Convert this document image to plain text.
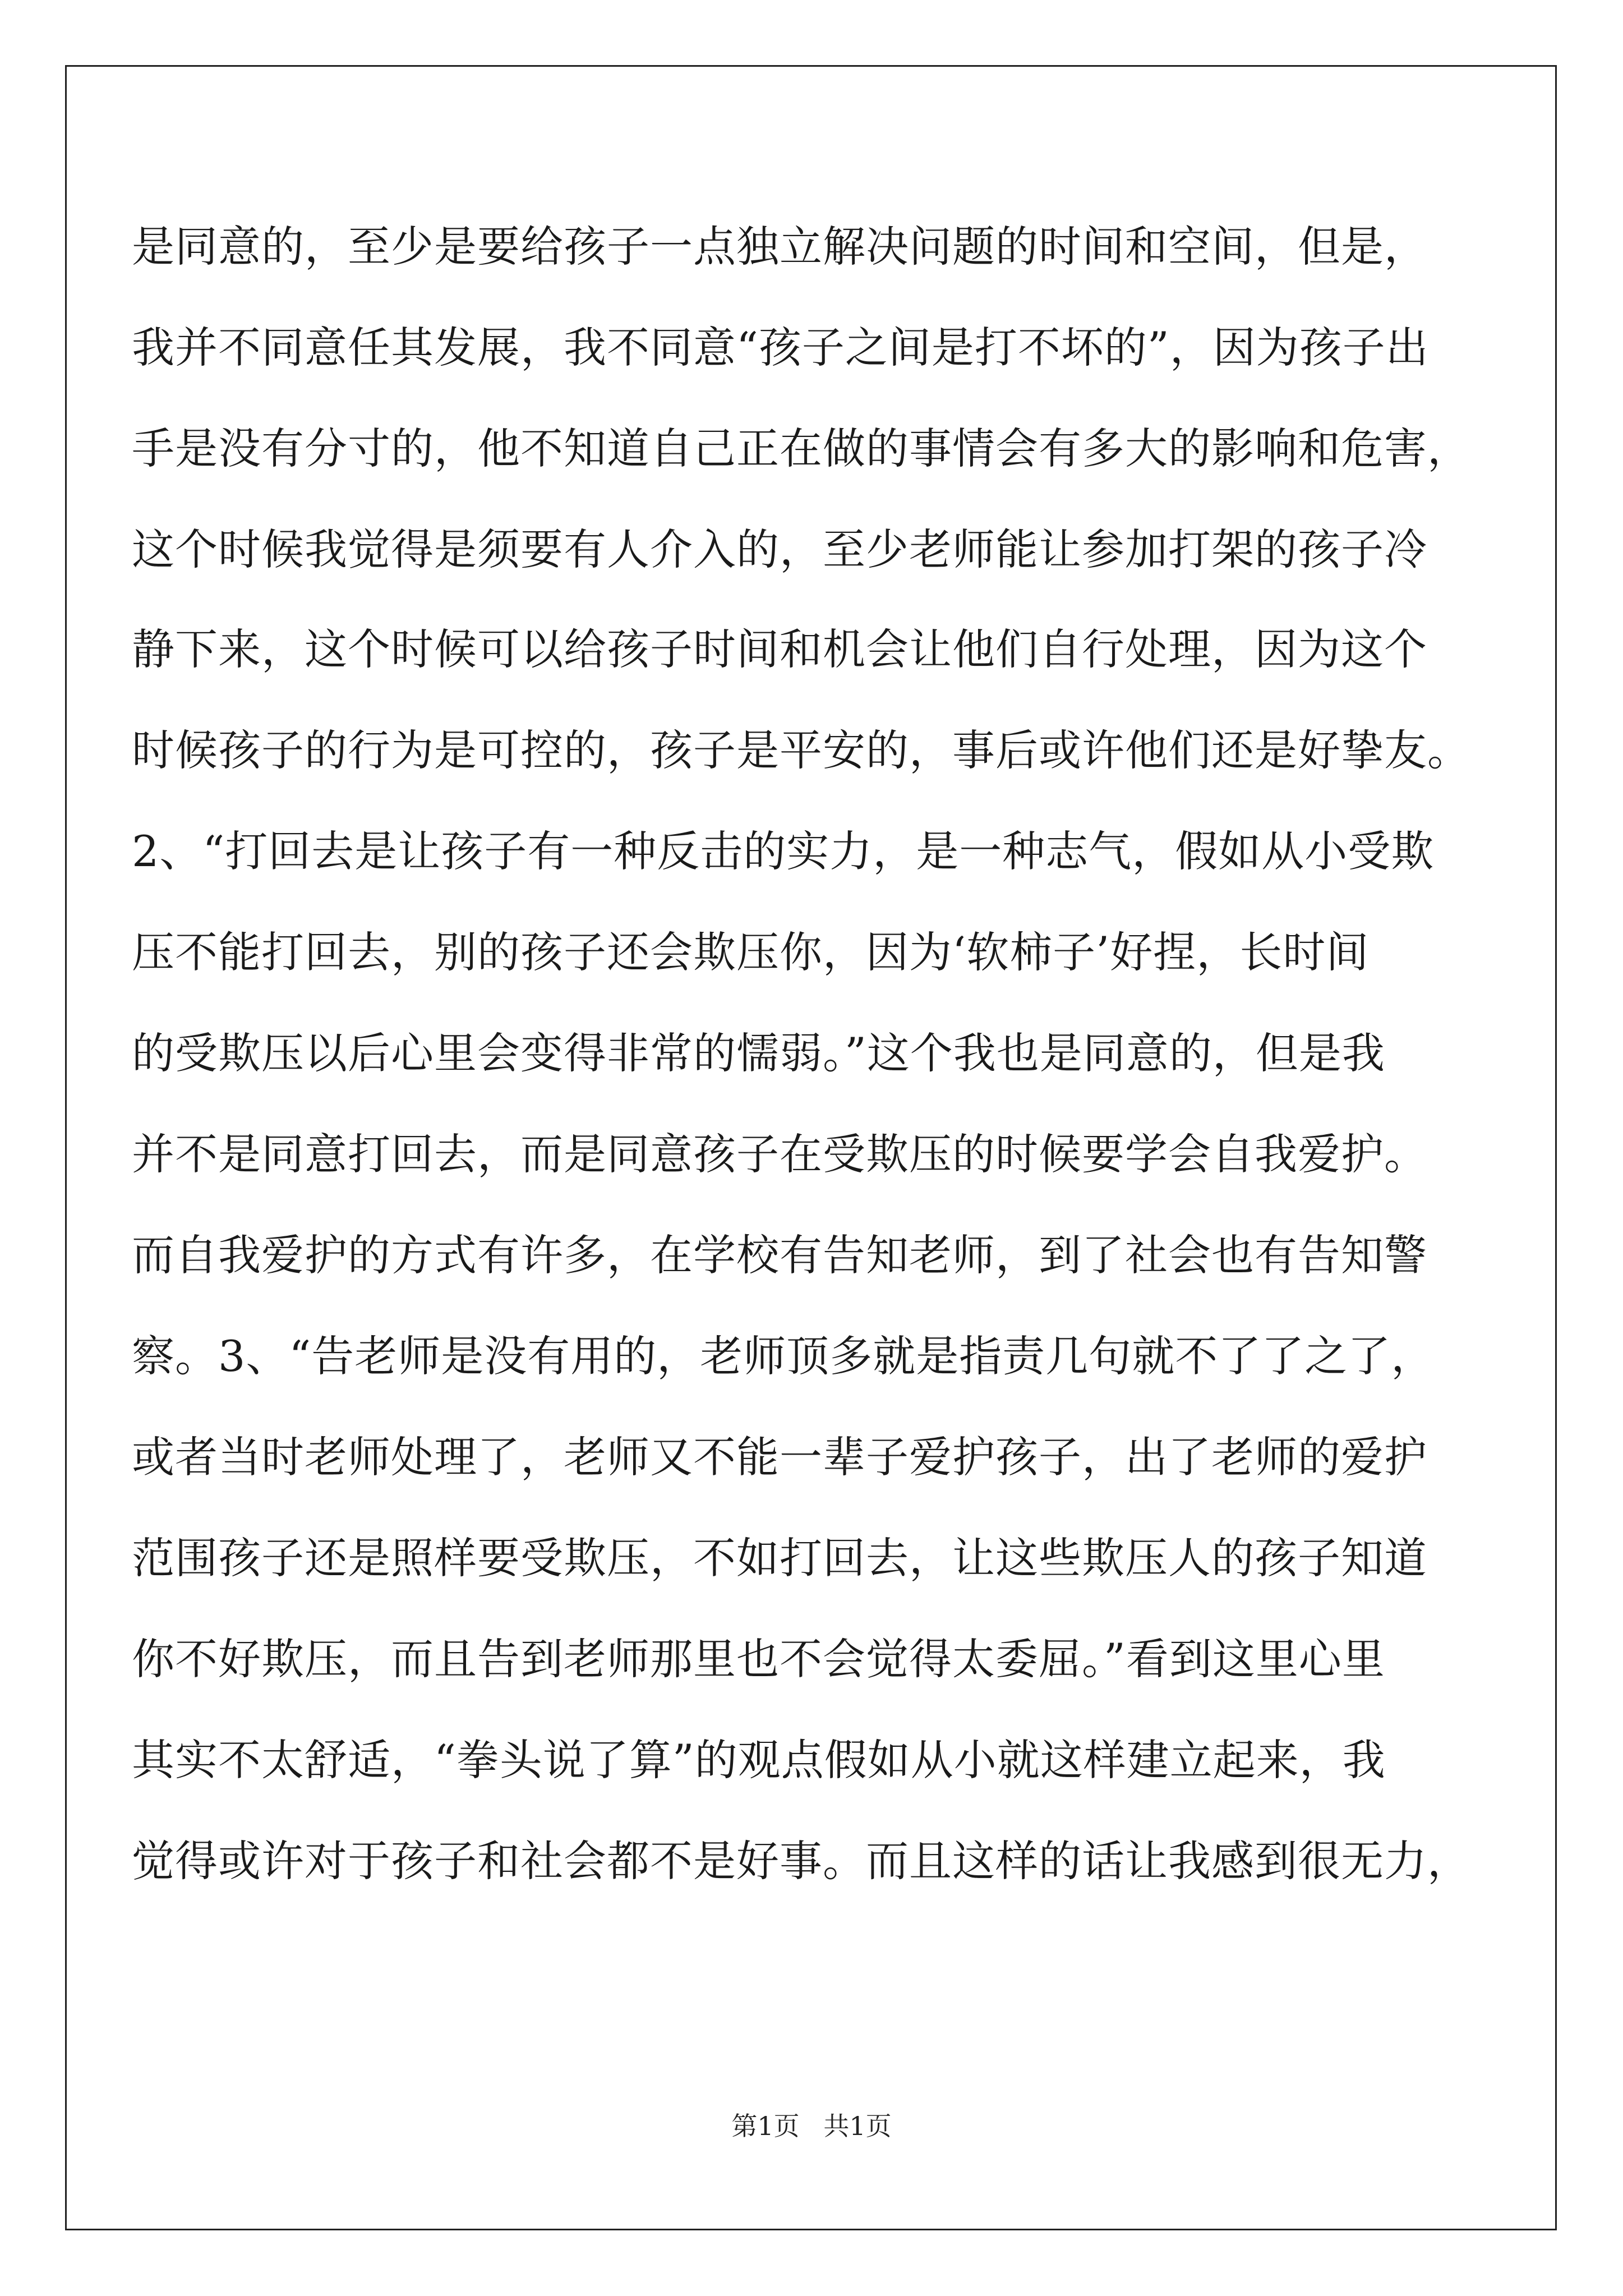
是同意的，至少是要给孩子一点独立解决问题的时间和空间，但是，
我并不同意任其发展，我不同意“孩子之间是打不坏的”，因为孩子出
手是没有分寸的，他不知道自己正在做的事情会有多大的影响和危害，
这个时候我觉得是须要有人介入的，至少老师能让参加打架的孩子冷
静下来，这个时候可以给孩子时间和机会让他们自行处理，因为这个
时候孩子的行为是可控的，孩子是平安的，事后或许他们还是好挚友。
2、“打回去是让孩子有一种反击的实力，是一种志气，假如从小受欺
压不能打回去，别的孩子还会欺压你，因为‘软柿子’好捏，长时间
的受欺压以后心里会变得非常的懦弱。”这个我也是同意的，但是我
并不是同意打回去，而是同意孩子在受欺压的时候要学会自我爱护。
而自我爱护的方式有许多，在学校有告知老师，到了社会也有告知警
察。3、“告老师是没有用的，老师顶多就是指责几句就不了了之了，
或者当时老师处理了，老师又不能一辈子爱护孩子，出了老师的爱护
范围孩子还是照样要受欺压，不如打回去，让这些欺压人的孩子知道
你不好欺压，而且告到老师那里也不会觉得太委屈。”看到这里心里
其实不太舒适，“拳头说了算”的观点假如从小就这样建立起来，我
觉得或许对于孩子和社会都不是好事。而且这样的话让我感到很无力，
第1页 共1页
